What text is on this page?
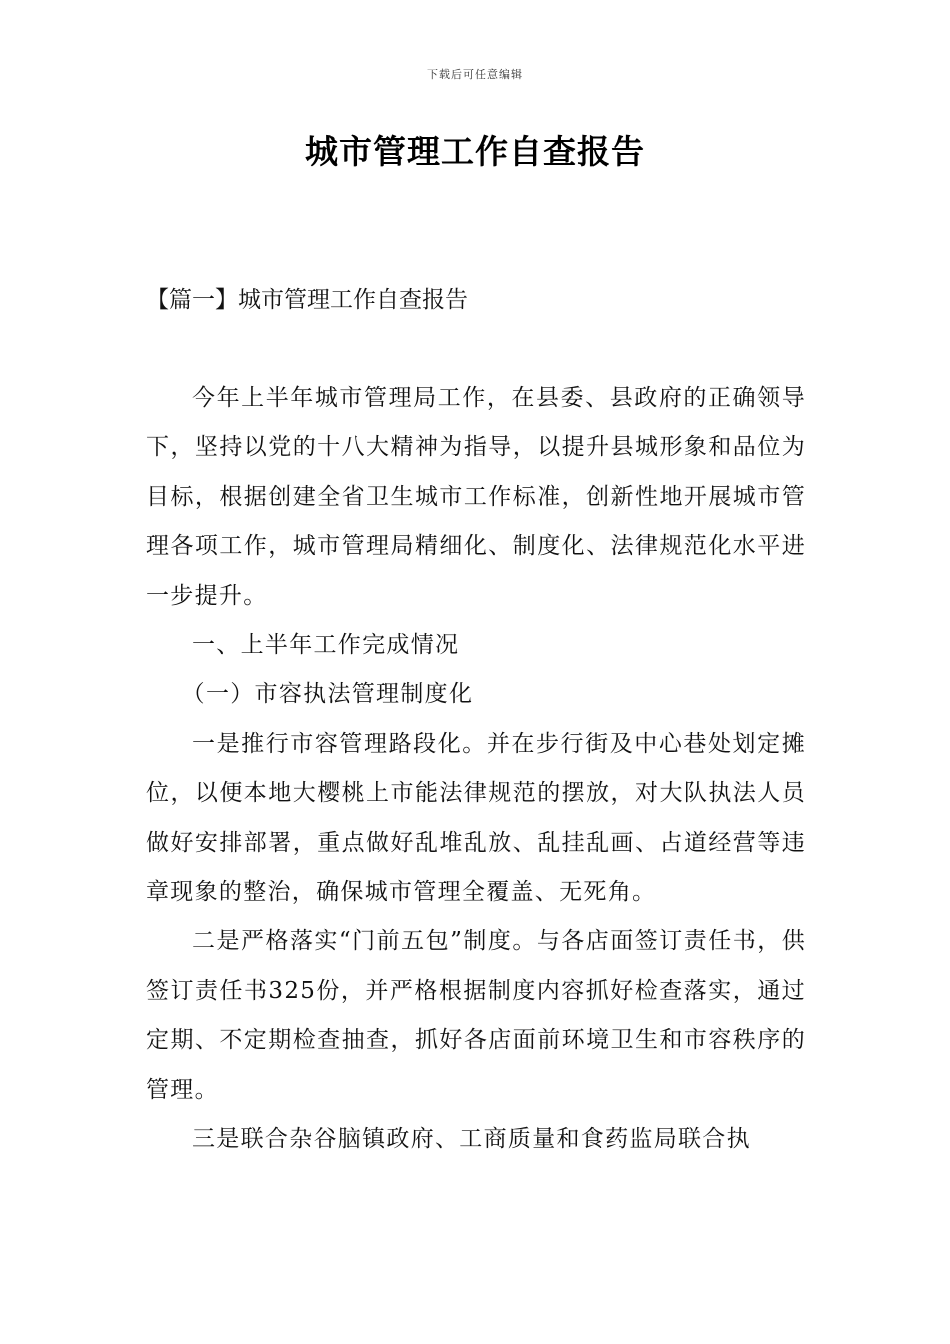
下载后可任意编辑
城市管理工作自查报告
【篇一】城市管理工作自查报告

今年上半年城市管理局工作，在县委、县政府的正确领导下，坚持以党的十八大精神为指导，以提升县城形象和品位为目标，根据创建全省卫生城市工作标准，创新性地开展城市管理各项工作，城市管理局精细化、制度化、法律规范化水平进一步提升。

一、上半年工作完成情况

（一）市容执法管理制度化

一是推行市容管理路段化。并在步行街及中心巷处划定摊位，以便本地大樱桃上市能法律规范的摆放，对大队执法人员做好安排部署，重点做好乱堆乱放、乱挂乱画、占道经营等违章现象的整治，确保城市管理全覆盖、无死角。

二是严格落实“门前五包”制度。与各店面签订责任书，供签订责任书325份，并严格根据制度内容抓好检查落实，通过定期、不定期检查抽查，抓好各店面前环境卫生和市容秩序的管理。

三是联合杂谷脑镇政府、工商质量和食药监局联合执
